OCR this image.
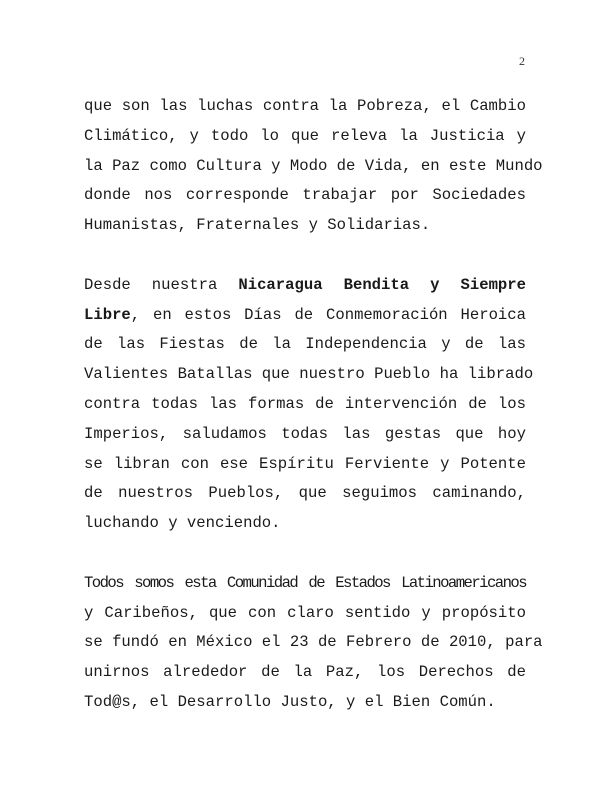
2

que son las luchas contra la Pobreza, el Cambio
Climático, y todo lo que releva la Justicia y
la Paz como Cultura y Modo de Vida, en este Mundo
donde nos corresponde trabajar por Sociedades
Humanistas, Fraternales y Solidarias.

Desde nuestra Nicaragua Bendita y Siempre
Libre, en estos Días de Conmemoración Heroica
de las Fiestas de la Independencia y de las
Valientes Batallas que nuestro Pueblo ha librado
contra todas las formas de intervención de los
Imperios, saludamos todas las gestas que hoy
se libran con ese Espíritu Ferviente y Potente
de nuestros Pueblos, que seguimos caminando,
luchando y venciendo.

Todos somos esta Comunidad de Estados Latinoamericanos
y Caribeños, que con claro sentido y propósito
se fundó en México el 23 de Febrero de 2010, para
unirnos alrededor de la Paz, los Derechos de
Tod@s, el Desarrollo Justo, y el Bien Común.
